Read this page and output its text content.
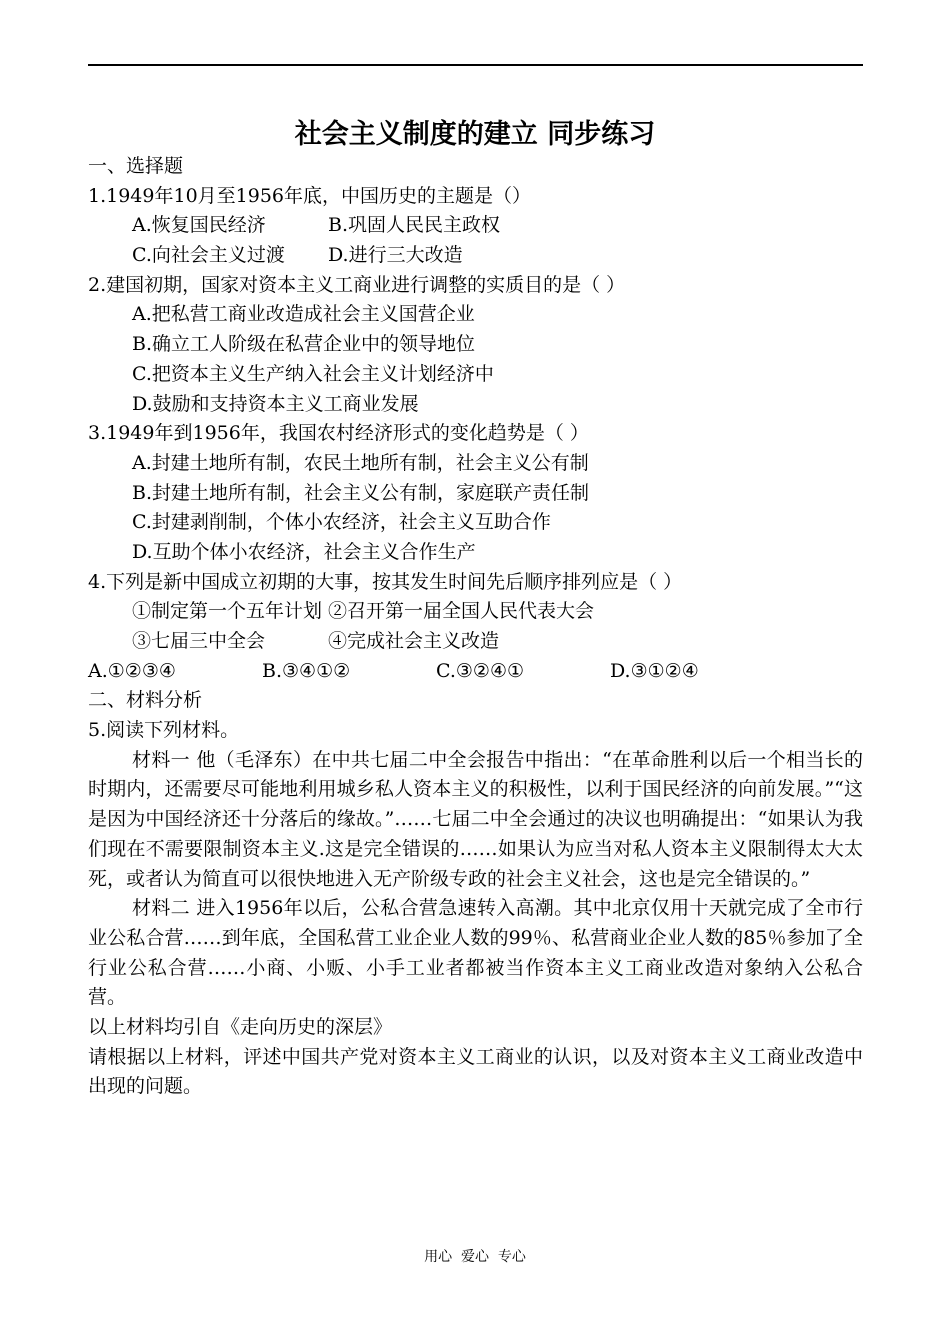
社会主义制度的建立 同步练习
一、选择题
1.1949年10月至1956年底，中国历史的主题是（）
A.恢复国民经济	B.巩固人民民主政权
C.向社会主义过渡 D.进行三大改造
2.建国初期，国家对资本主义工商业进行调整的实质目的是（ ）
A.把私营工商业改造成社会主义国营企业
B.确立工人阶级在私营企业中的领导地位
C.把资本主义生产纳入社会主义计划经济中
D.鼓励和支持资本主义工商业发展
3.1949年到1956年，我国农村经济形式的变化趋势是（ ）
A.封建土地所有制，农民土地所有制，社会主义公有制
B.封建土地所有制，社会主义公有制，家庭联产责任制
C.封建剥削制，个体小农经济，社会主义互助合作
D.互助个体小农经济，社会主义合作生产
4.下列是新中国成立初期的大事，按其发生时间先后顺序排列应是（ ）
①制定第一个五年计划 ②召开第一届全国人民代表大会
③七届三中全会	④完成社会主义改造
A.①②③④	B.③④①②	C.③②④①	D.③①②④
二、材料分析
5.阅读下列材料。
材料一 他（毛泽东）在中共七届二中全会报告中指出：“在革命胜利以后一个相当长的时期内，还需要尽可能地利用城乡私人资本主义的积极性，以利于国民经济的向前发展。”“这是因为中国经济还十分落后的缘故。”……七届二中全会通过的决议也明确提出：“如果认为我们现在不需要限制资本主义.这是完全错误的……如果认为应当对私人资本主义限制得太大太死，或者认为简直可以很快地进入无产阶级专政的社会主义社会，这也是完全错误的。”
材料二 进入1956年以后，公私合营急速转入高潮。其中北京仅用十天就完成了全市行业公私合营……到年底，全国私营工业企业人数的99％、私营商业企业人数的85％参加了全行业公私合营……小商、小贩、小手工业者都被当作资本主义工商业改造对象纳入公私合营。
以上材料均引自《走向历史的深层》
请根据以上材料，评述中国共产党对资本主义工商业的认识，以及对资本主义工商业改造中出现的问题。
用心  爱心  专心
